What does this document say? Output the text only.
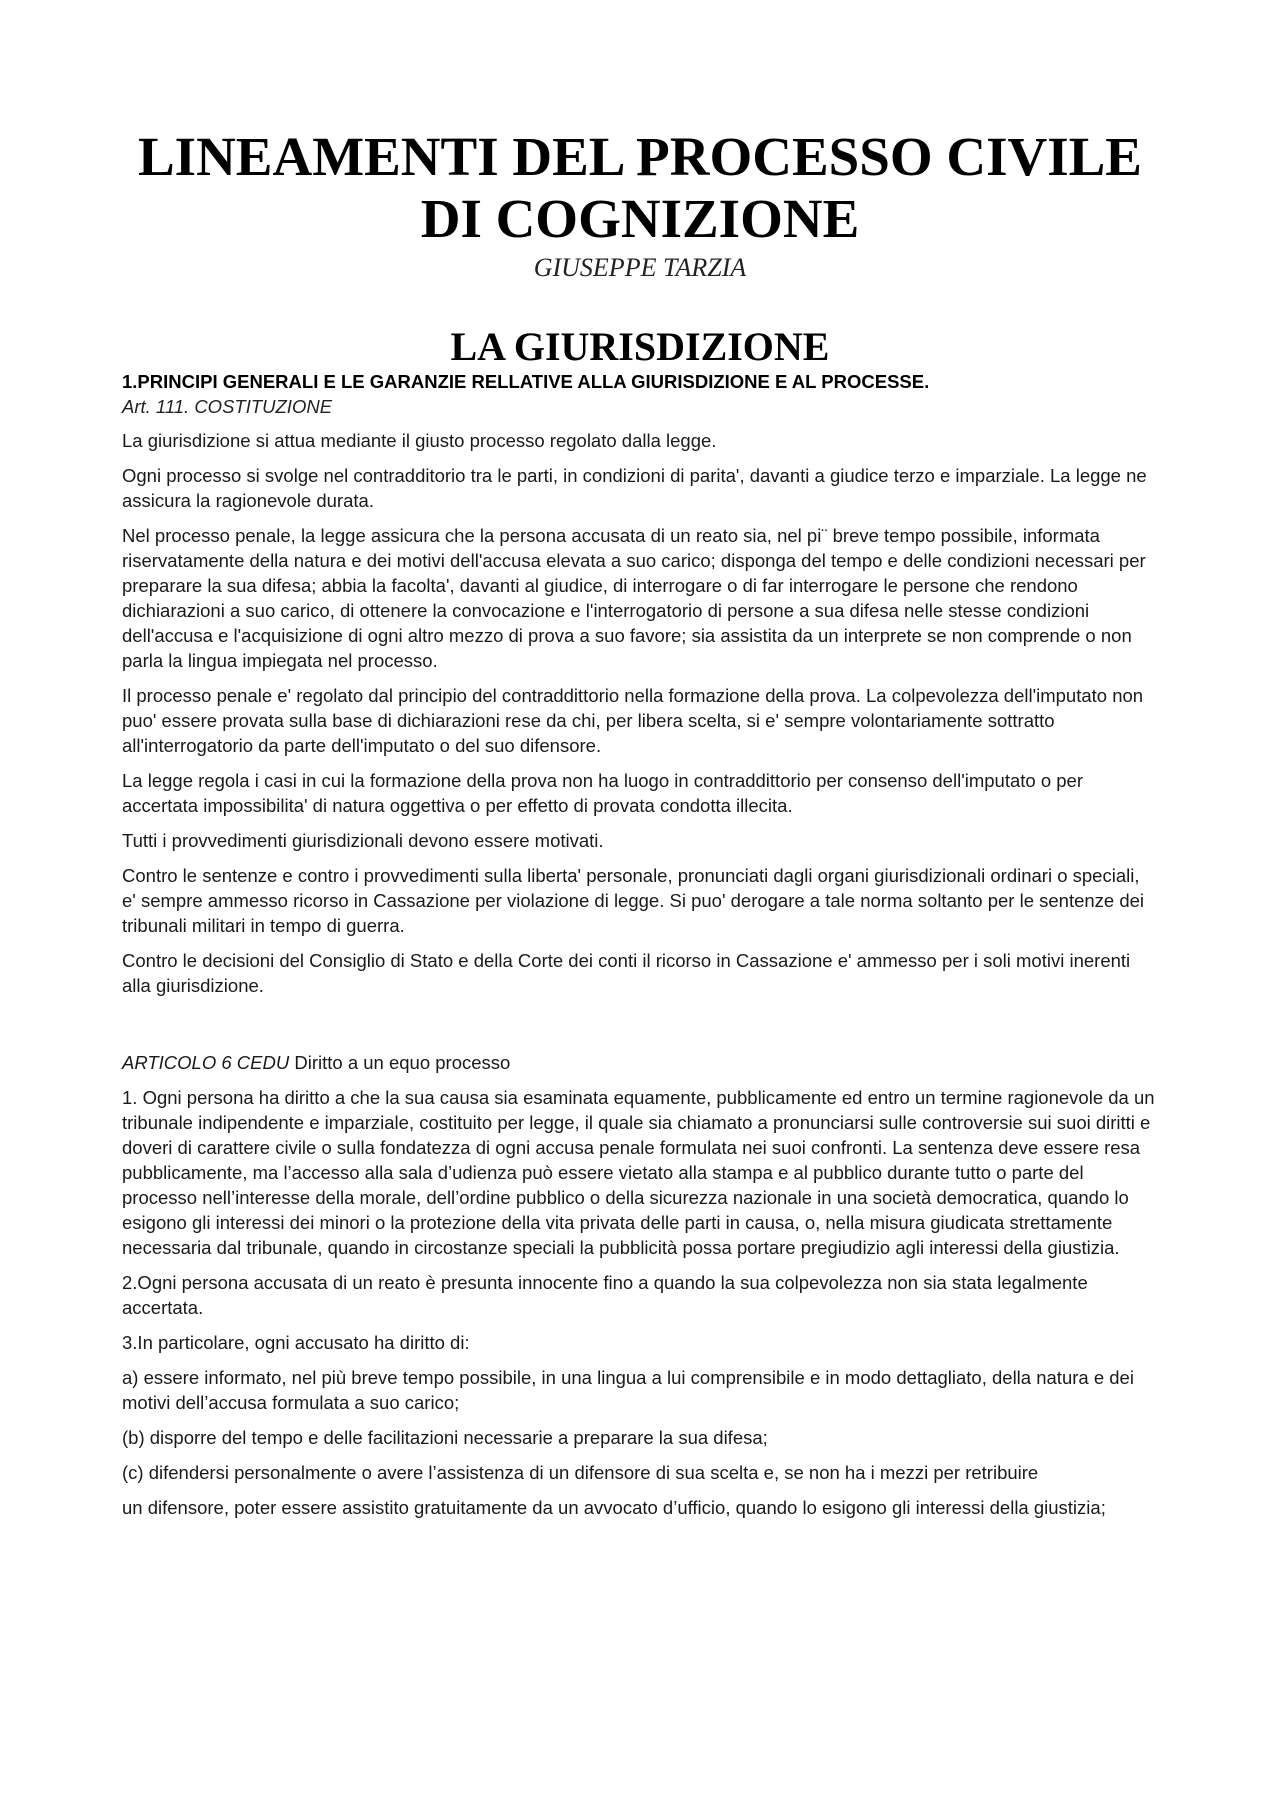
LINEAMENTI DEL PROCESSO CIVILE
DI COGNIZIONE

GIUSEPPE TARZIA

LA GIURISDIZIONE

1.PRINCIPI GENERALI E LE GARANZIE RELLATIVE ALLA GIURISDIZIONE E AL PROCESSE.

Art. 111. COSTITUZIONE

La giurisdizione si attua mediante il giusto processo regolato dalla legge.

Ogni processo si svolge nel contradditorio tra le parti, in condizioni di parita', davanti a giudice terzo e imparziale. La legge ne assicura la ragionevole durata.

Nel processo penale, la legge assicura che la persona accusata di un reato sia, nel pi¨ breve tempo possibile, informata riservatamente della natura e dei motivi dell'accusa elevata a suo carico; disponga del tempo e delle condizioni necessari per preparare la sua difesa; abbia la facolta', davanti al giudice, di interrogare o di far interrogare le persone che rendono dichiarazioni a suo carico, di ottenere la convocazione e l'interrogatorio di persone a sua difesa nelle stesse condizioni dell'accusa e l'acquisizione di ogni altro mezzo di prova a suo favore; sia assistita da un interprete se non comprende o non parla la lingua impiegata nel processo.

Il processo penale e' regolato dal principio del contraddittorio nella formazione della prova. La colpevolezza dell'imputato non puo' essere provata sulla base di dichiarazioni rese da chi, per libera scelta, si e' sempre volontariamente sottratto all'interrogatorio da parte dell'imputato o del suo difensore.

La legge regola i casi in cui la formazione della prova non ha luogo in contraddittorio per consenso dell'imputato o per accertata impossibilita' di natura oggettiva o per effetto di provata condotta illecita.

Tutti i provvedimenti giurisdizionali devono essere motivati.

Contro le sentenze e contro i provvedimenti sulla liberta' personale, pronunciati dagli organi giurisdizionali ordinari o speciali, e' sempre ammesso ricorso in Cassazione per violazione di legge. Si puo' derogare a tale norma soltanto per le sentenze dei tribunali militari in tempo di guerra.

Contro le decisioni del Consiglio di Stato e della Corte dei conti il ricorso in Cassazione e' ammesso per i soli motivi inerenti alla giurisdizione.

ARTICOLO 6 CEDU Diritto a un equo processo

1. Ogni persona ha diritto a che la sua causa sia esaminata equamente, pubblicamente ed entro un termine ragionevole da un tribunale indipendente e imparziale, costituito per legge, il quale sia chiamato a pronunciarsi sulle controversie sui suoi diritti e doveri di carattere civile o sulla fondatezza di ogni accusa penale formulata nei suoi confronti. La sentenza deve essere resa pubblicamente, ma l’accesso alla sala d’udienza può essere vietato alla stampa e al pubblico durante tutto o parte del processo nell’interesse della morale, dell’ordine pubblico o della sicurezza nazionale in una società democratica, quando lo esigono gli interessi dei minori o la protezione della vita privata delle parti in causa, o, nella misura giudicata strettamente necessaria dal tribunale, quando in circostanze speciali la pubblicità possa portare pregiudizio agli interessi della giustizia.

2.Ogni persona accusata di un reato è presunta innocente fino a quando la sua colpevolezza non sia stata legalmente accertata.

3.In particolare, ogni accusato ha diritto di:

a) essere informato, nel più breve tempo possibile, in una lingua a lui comprensibile e in modo dettagliato, della natura e dei motivi dell’accusa formulata a suo carico;

(b) disporre del tempo e delle facilitazioni necessarie a preparare la sua difesa;

(c) difendersi personalmente o avere l’assistenza di un difensore di sua scelta e, se non ha i mezzi per retribuire

un difensore, poter essere assistito gratuitamente da un avvocato d’ufficio, quando lo esigono gli interessi della giustizia;
